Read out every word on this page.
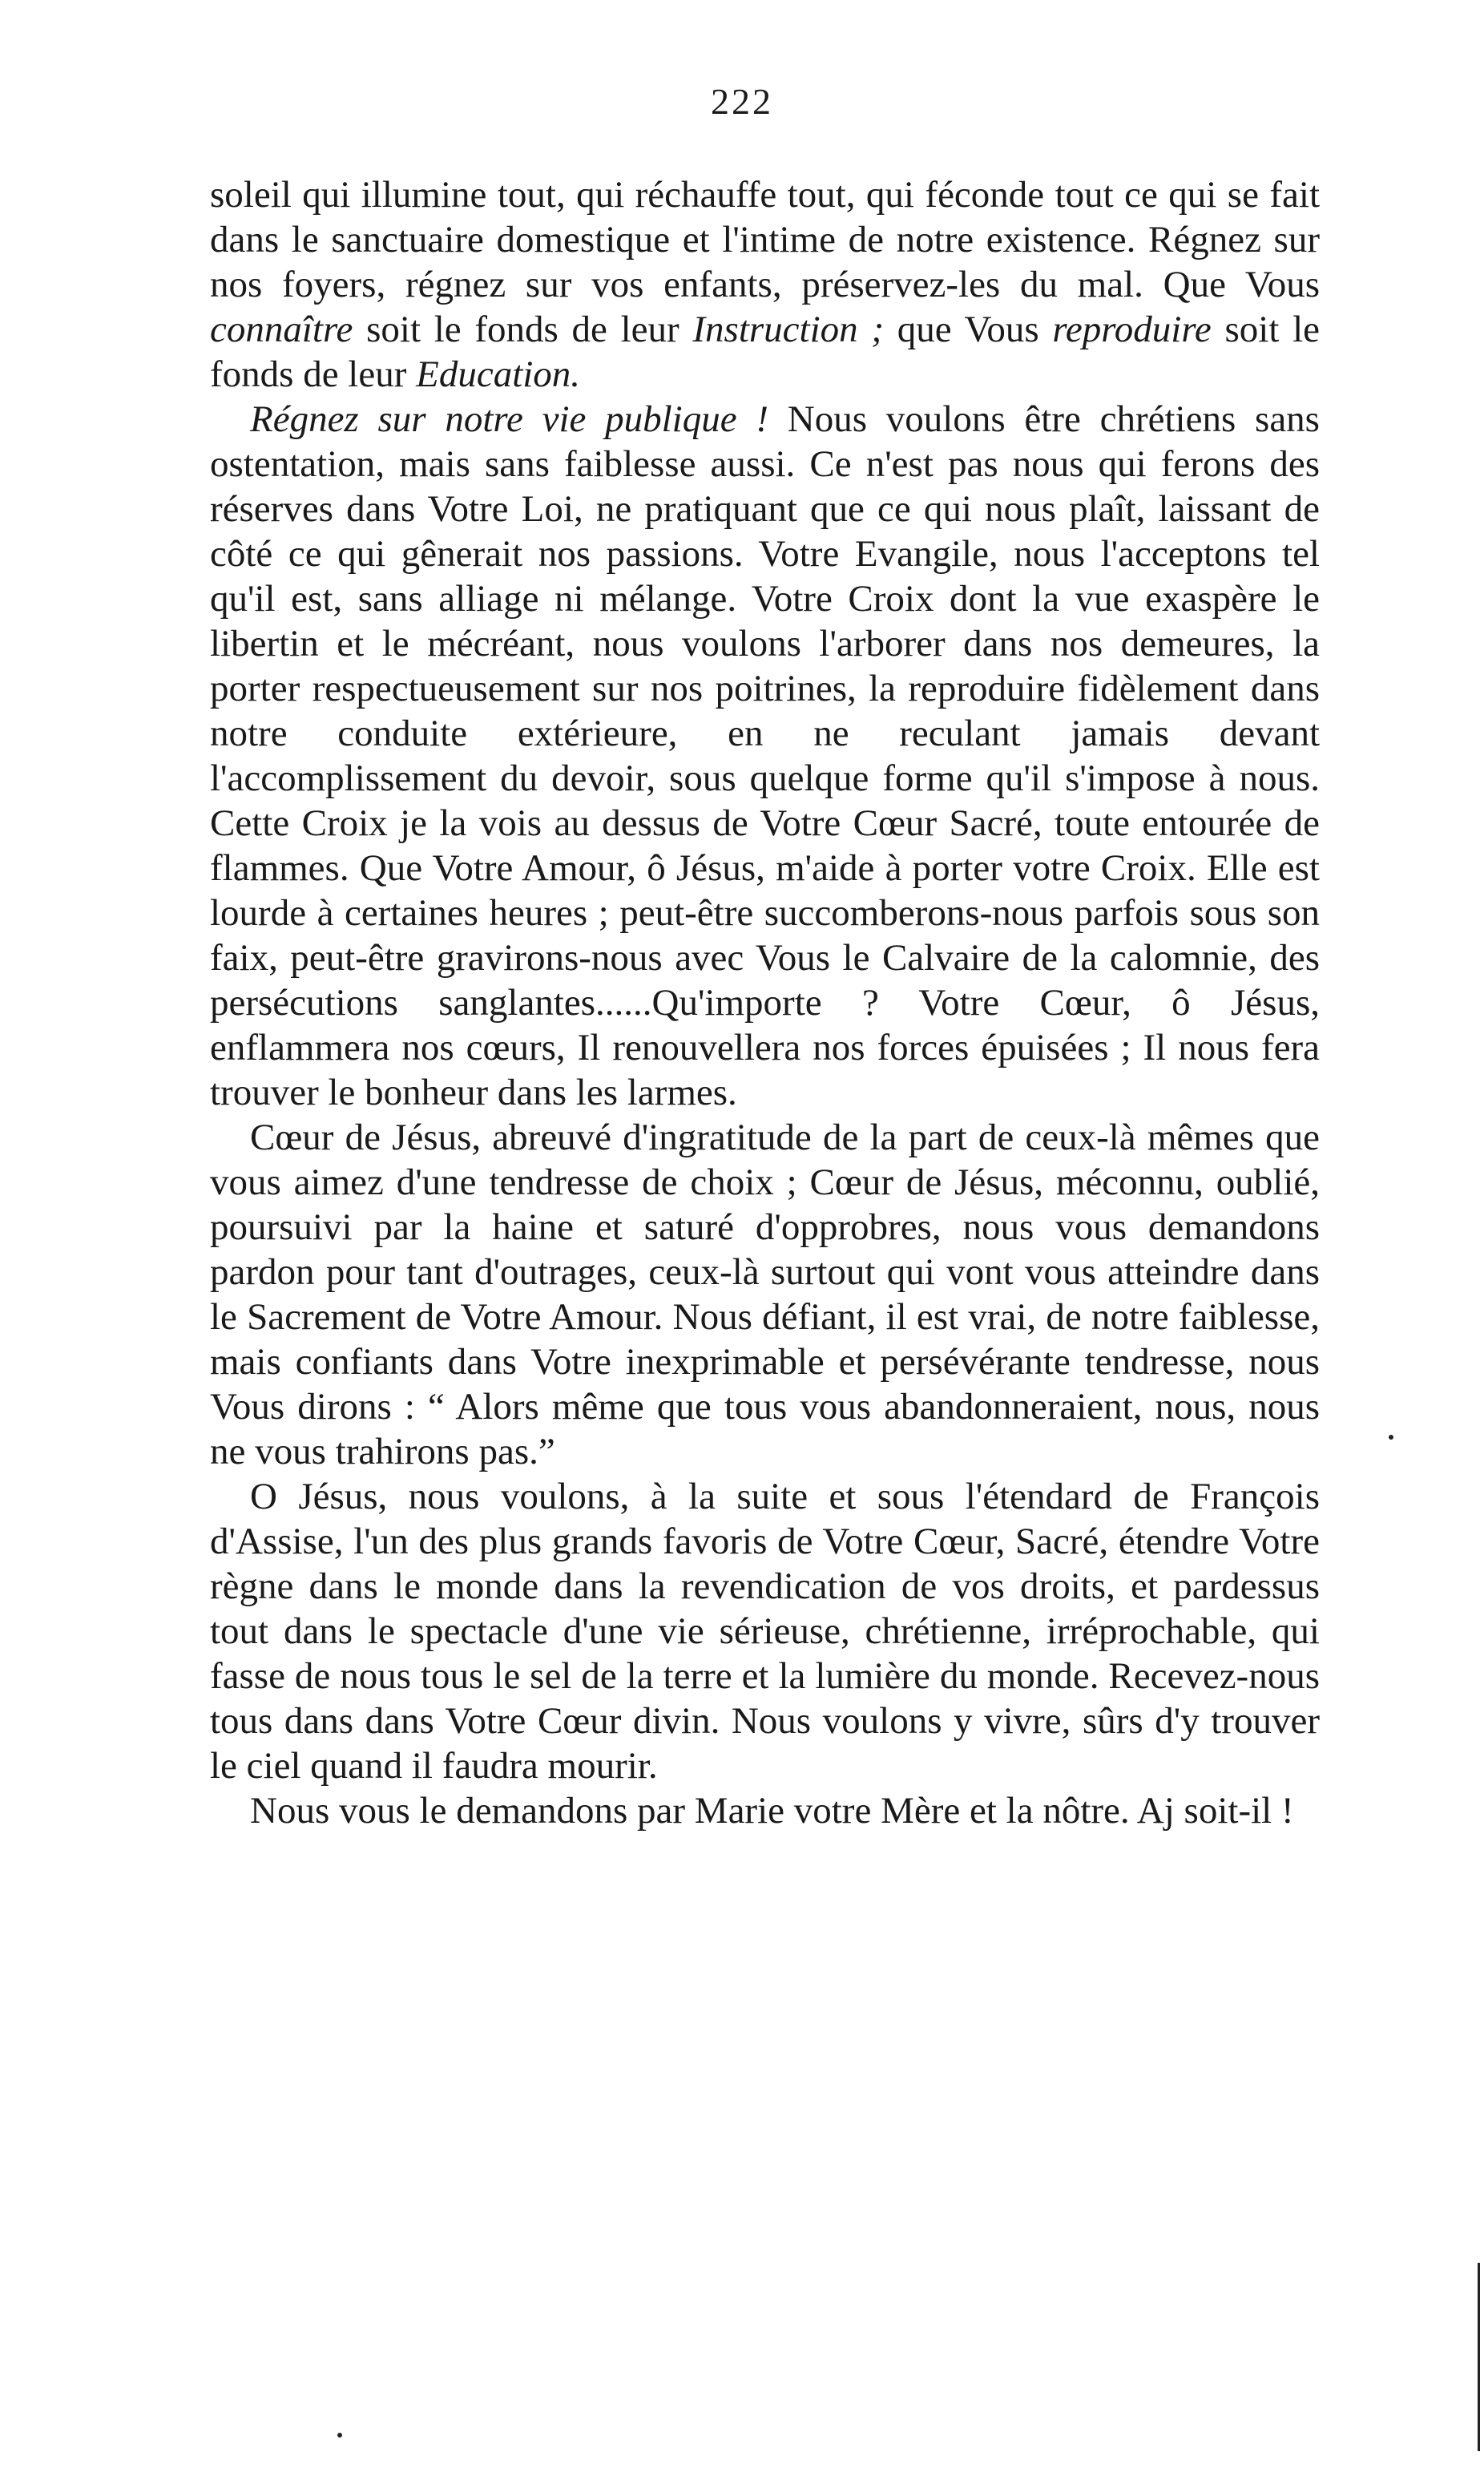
222

soleil qui illumine tout, qui réchauffe tout, qui féconde tout ce qui se fait dans le sanctuaire domestique et l'intime de notre existence. Régnez sur nos foyers, régnez sur vos enfants, préservez-les du mal. Que Vous connaître soit le fonds de leur Instruction ; que Vous reproduire soit le fonds de leur Education.

Régnez sur notre vie publique ! Nous voulons être chrétiens sans ostentation, mais sans faiblesse aussi. Ce n'est pas nous qui ferons des réserves dans Votre Loi, ne pratiquant que ce qui nous plaît, laissant de côté ce qui gênerait nos passions. Votre Evangile, nous l'acceptons tel qu'il est, sans alliage ni mélange. Votre Croix dont la vue exaspère le libertin et le mécréant, nous voulons l'arborer dans nos demeures, la porter respectueusement sur nos poitrines, la reproduire fidèlement dans notre conduite extérieure, en ne reculant jamais devant l'accomplissement du devoir, sous quelque forme qu'il s'impose à nous. Cette Croix je la vois au dessus de Votre Cœur Sacré, toute entourée de flammes. Que Votre Amour, ô Jésus, m'aide à porter votre Croix. Elle est lourde à certaines heures ; peut-être succomberons-nous parfois sous son faix, peut-être gravirons-nous avec Vous le Calvaire de la calomnie, des persécutions sanglantes......Qu'importe ? Votre Cœur, ô Jésus, enflammera nos cœurs, Il renouvellera nos forces épuisées ; Il nous fera trouver le bonheur dans les larmes.

Cœur de Jésus, abreuvé d'ingratitude de la part de ceux-là mêmes que vous aimez d'une tendresse de choix ; Cœur de Jésus, méconnu, oublié, poursuivi par la haine et saturé d'opprobres, nous vous demandons pardon pour tant d'outrages, ceux-là surtout qui vont vous atteindre dans le Sacrement de Votre Amour. Nous défiant, il est vrai, de notre faiblesse, mais confiants dans Votre inexprimable et persévérante tendresse, nous Vous dirons : “ Alors même que tous vous abandonneraient, nous, nous ne vous trahirons pas.”

O Jésus, nous voulons, à la suite et sous l'étendard de François d'Assise, l'un des plus grands favoris de Votre Cœur, Sacré, étendre Votre règne dans le monde dans la revendication de vos droits, et pardessus tout dans le spectacle d'une vie sérieuse, chrétienne, irréprochable, qui fasse de nous tous le sel de la terre et la lumière du monde. Recevez-nous tous dans dans Votre Cœur divin. Nous voulons y vivre, sûrs d'y trouver le ciel quand il faudra mourir.

Nous vous le demandons par Marie votre Mère et la nôtre. Aj soit-il !
